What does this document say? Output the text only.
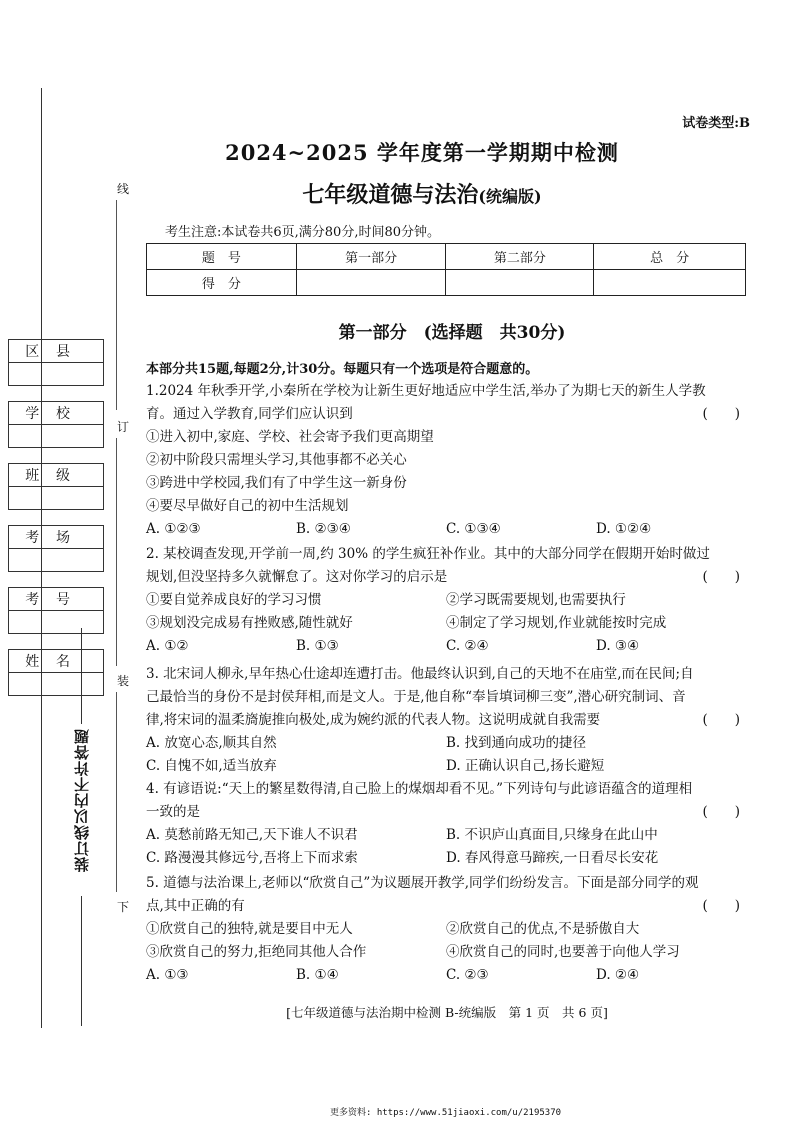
线
订
装
下
区县

学校

班级

考场

考号

姓名

装订线以内不许答题
试卷类型:B
2024~2025 学年度第一学期期中检测
七年级道德与法治(统编版)
考生注意:本试卷共6页,满分80分,时间80分钟。
题　号	第一部分	第二部分	总　分
得　分			
第一部分　(选择题　共30分)
本部分共15题,每题2分,计30分。每题只有一个选项是符合题意的。
1.2024 年秋季开学,小秦所在学校为让新生更好地适应中学生活,举办了为期七天的新生人学教
育。通过入学教育,同学们应认识到	(　　)
①进入初中,家庭、学校、社会寄予我们更高期望
②初中阶段只需埋头学习,其他事都不必关心
③跨进中学校园,我们有了中学生这一新身份
④要尽早做好自己的初中生活规划
A. ①②③	B. ②③④	C. ①③④	D. ①②④
2. 某校调查发现,开学前一周,约 30% 的学生疯狂补作业。其中的大部分同学在假期开始时做过
规划,但没坚持多久就懈怠了。这对你学习的启示是	(　　)
①要自觉养成良好的学习习惯	②学习既需要规划,也需要执行
③规划没完成易有挫败感,随性就好	④制定了学习规划,作业就能按时完成
A. ①②	B. ①③	C. ②④	D. ③④
3. 北宋词人柳永,早年热心仕途却连遭打击。他最终认识到,自己的天地不在庙堂,而在民间;自
己最恰当的身份不是封侯拜相,而是文人。于是,他自称“奉旨填词柳三变”,潜心研究制词、音
律,将宋词的温柔旖旎推向极处,成为婉约派的代表人物。这说明成就自我需要	(　　)
A. 放宽心态,顺其自然	B. 找到通向成功的捷径
C. 自愧不如,适当放弃	D. 正确认识自己,扬长避短
4. 有谚语说:“天上的繁星数得清,自己脸上的煤烟却看不见。”下列诗句与此谚语蕴含的道理相
一致的是	(　　)
A. 莫愁前路无知己,天下谁人不识君	B. 不识庐山真面目,只缘身在此山中
C. 路漫漫其修远兮,吾将上下而求索	D. 春风得意马蹄疾,一日看尽长安花
5. 道德与法治课上,老师以“欣赏自己”为议题展开教学,同学们纷纷发言。下面是部分同学的观
点,其中正确的有	(　　)
①欣赏自己的独特,就是要目中无人	②欣赏自己的优点,不是骄傲自大
③欣赏自己的努力,拒绝同其他人合作	④欣赏自己的同时,也要善于向他人学习
A. ①③	B. ①④	C. ②③	D. ②④
[七年级道德与法治期中检测 B-统编版　第 1 页　共 6 页]
更多资料: https://www.51jiaoxi.com/u/2195370
